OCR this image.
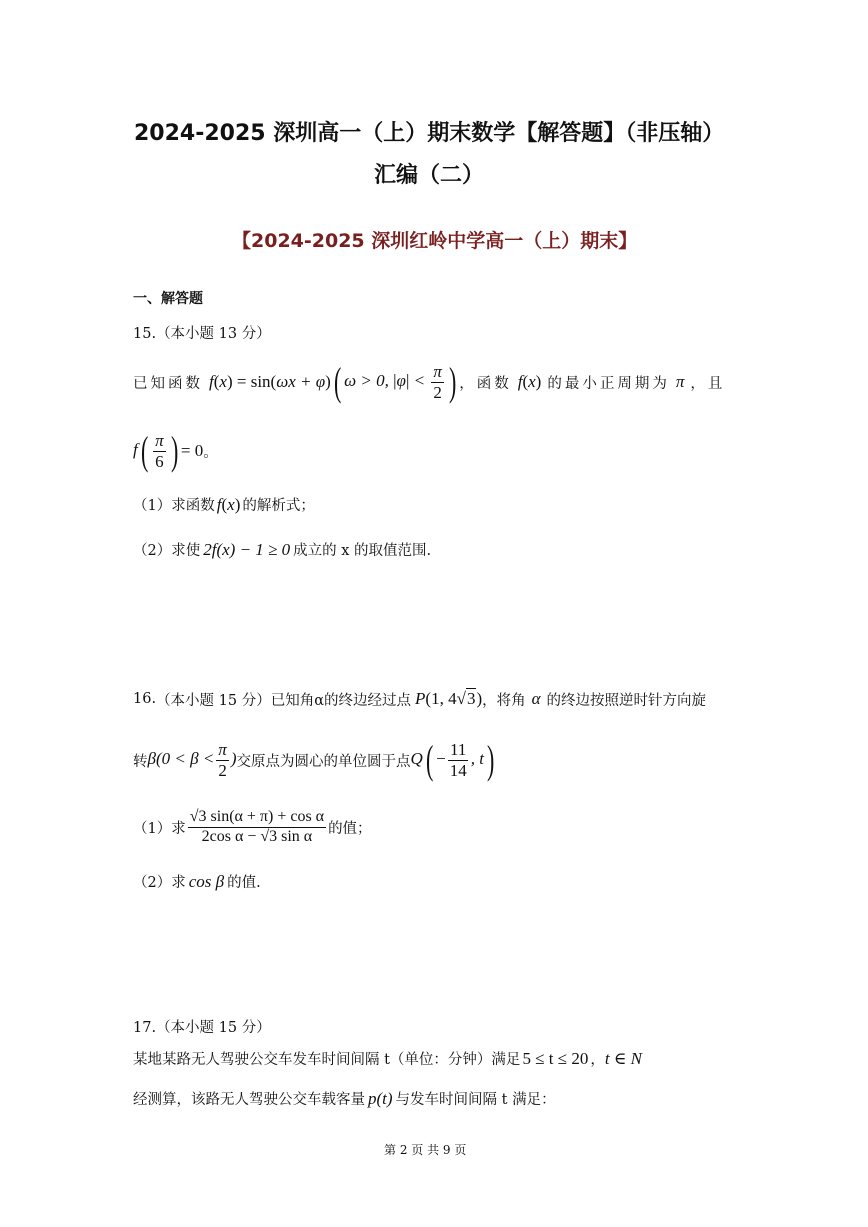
2024-2025 深圳高一（上）期末数学【解答题】（非压轴）
汇编（二）
【2024-2025 深圳红岭中学高一（上）期末】
一、解答题
15.（本小题 13 分）
已知函数 f(x) = sin(ωx + φ) ( ω > 0, $|\varphi| < \frac{\pi}{2}$ ) ，函数 f(x) 的最小正周期为 π ，且
$f( \frac{\pi}{6}$ ) = 0 。
（1）求函数 f(x) 的解析式；
（2）求使 2f(x) − 1 ≥ 0 成立的 x 的取值范围.
16. （本小题 15 分） 已知角α的终边经过点 P(1, 4√3) ，将角 α 的终边按照逆时针方向旋
转 $\beta(0 < \beta < \frac{\pi}{2}$ ) 交原点为圆心的单位圆于点 $Q( - \frac{11}{14}$ , t)
（1）求 $\frac{\text{√3 sin(α + π) + cos α}}{\text{2cos α − √3 sin α}}$ 的值；
（2）求 cos β 的值.
17.（本小题 15 分）
某地某路无人驾驶公交车发车时间间隔 t（单位：分钟）满足 5 ≤ t ≤ 20 ， t ∈ N
经测算，该路无人驾驶公交车载客量 p(t) 与发车时间间隔 t 满足：
第 2 页 共 9 页
